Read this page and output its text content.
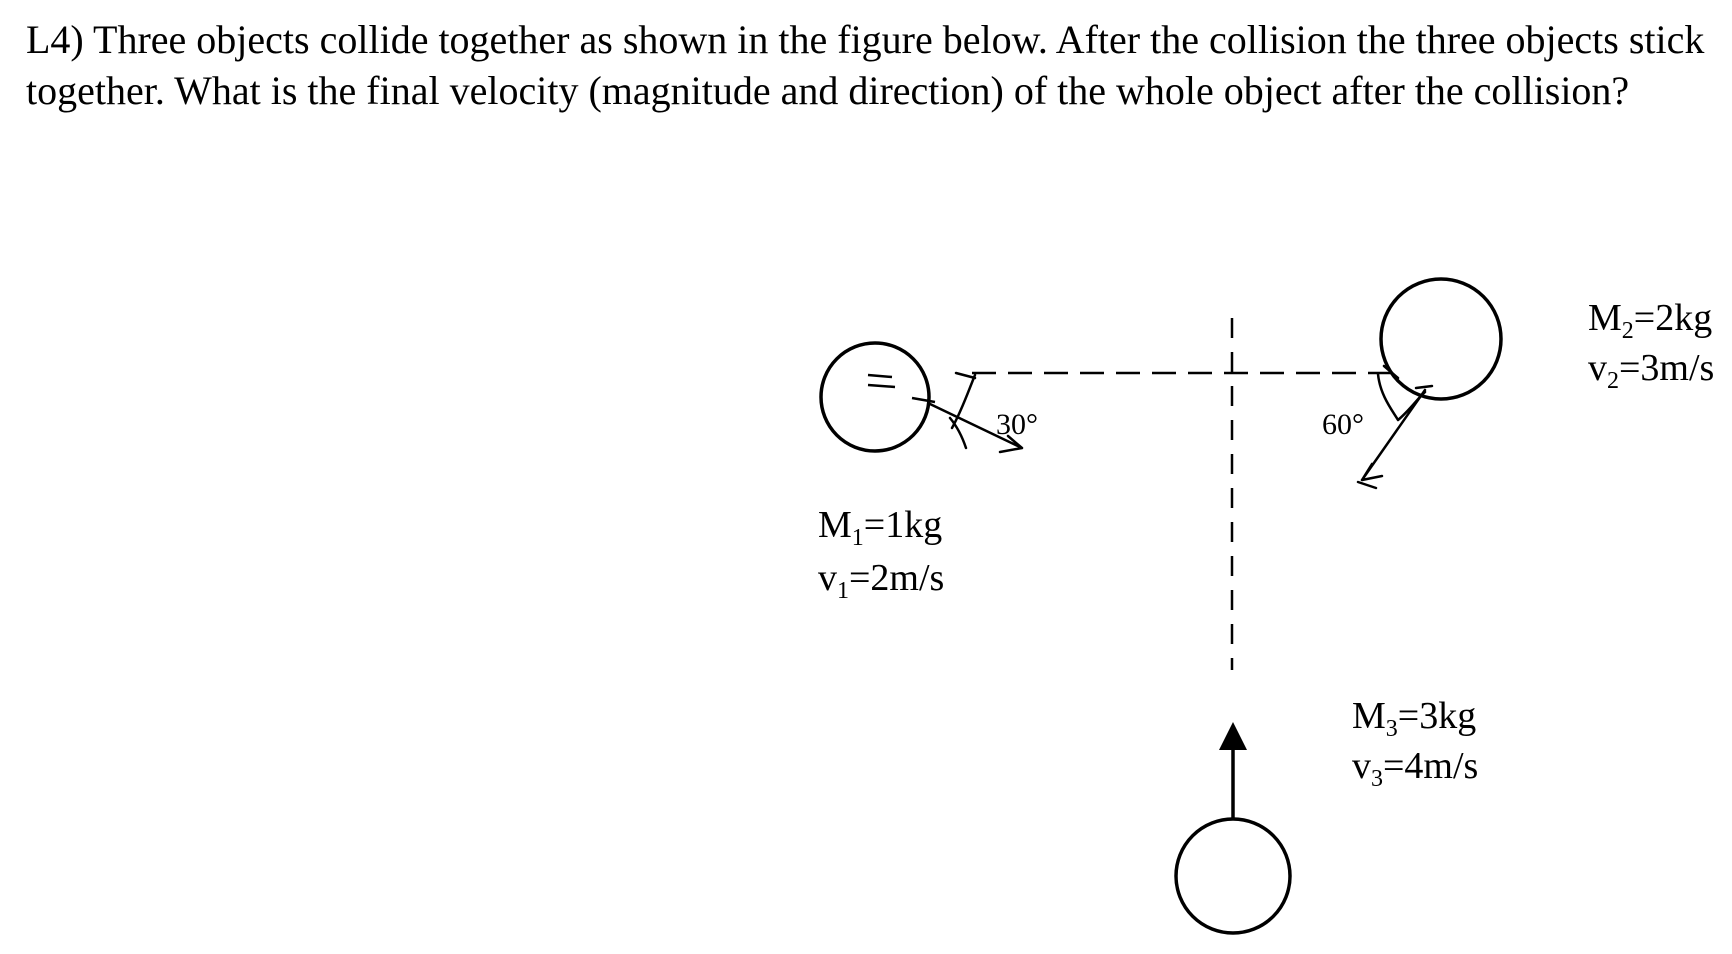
L4) Three objects collide together as shown in the figure below. After the collision the three objects stick together. What is the final velocity (magnitude and direction) of the whole object after the collision?

30°	60°
$M_1=1kg$
$v_1=2m/s$
$M_2=2kg$
$v_2=3m/s$
$M_3=3kg$
$v_3=4m/s$
